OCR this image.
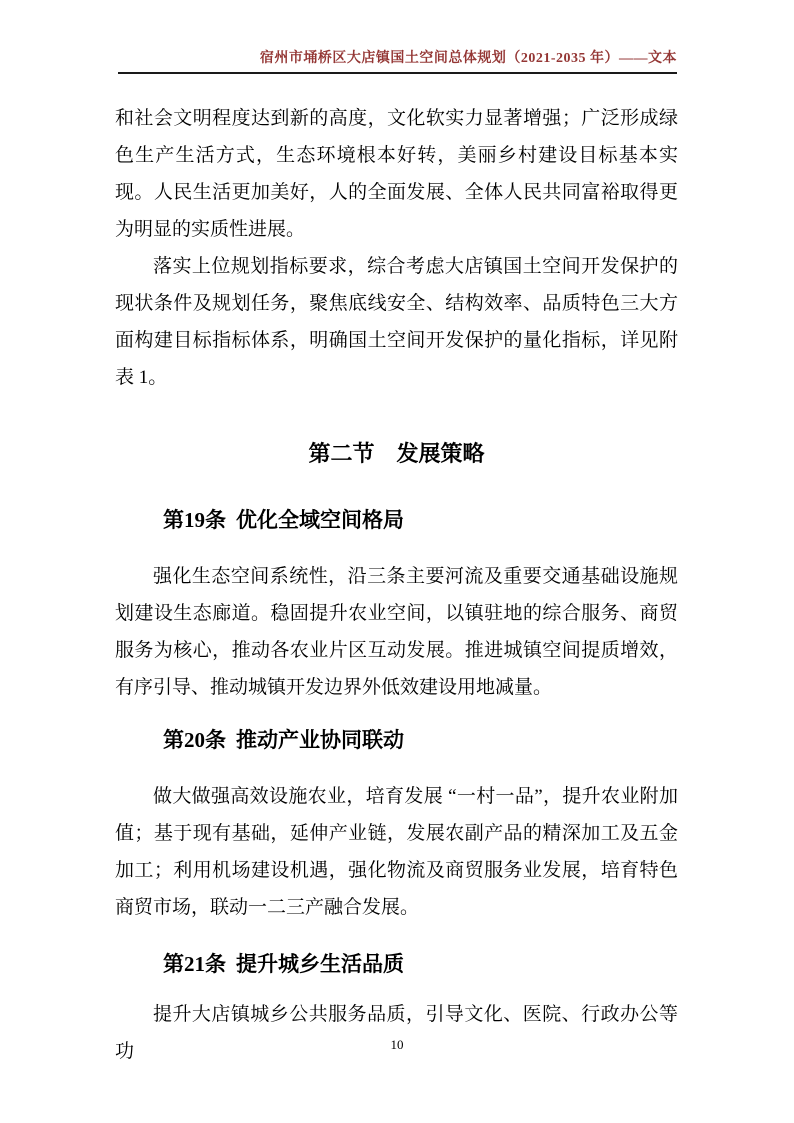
宿州市埇桥区大店镇国土空间总体规划（2021-2035 年）——文本

和社会文明程度达到新的高度，文化软实力显著增强；广泛形成绿色生产生活方式，生态环境根本好转，美丽乡村建设目标基本实现。人民生活更加美好，人的全面发展、全体人民共同富裕取得更为明显的实质性进展。

落实上位规划指标要求，综合考虑大店镇国土空间开发保护的现状条件及规划任务，聚焦底线安全、结构效率、品质特色三大方面构建目标指标体系，明确国土空间开发保护的量化指标，详见附表 1。

第二节　发展策略
第19条 优化全域空间格局

强化生态空间系统性，沿三条主要河流及重要交通基础设施规划建设生态廊道。稳固提升农业空间，以镇驻地的综合服务、商贸服务为核心，推动各农业片区互动发展。推进城镇空间提质增效，有序引导、推动城镇开发边界外低效建设用地减量。

第20条 推动产业协同联动

做大做强高效设施农业，培育发展 “一村一品”，提升农业附加值；基于现有基础，延伸产业链，发展农副产品的精深加工及五金加工；利用机场建设机遇，强化物流及商贸服务业发展，培育特色商贸市场，联动一二三产融合发展。

第21条 提升城乡生活品质

提升大店镇城乡公共服务品质，引导文化、医院、行政办公等功	10
